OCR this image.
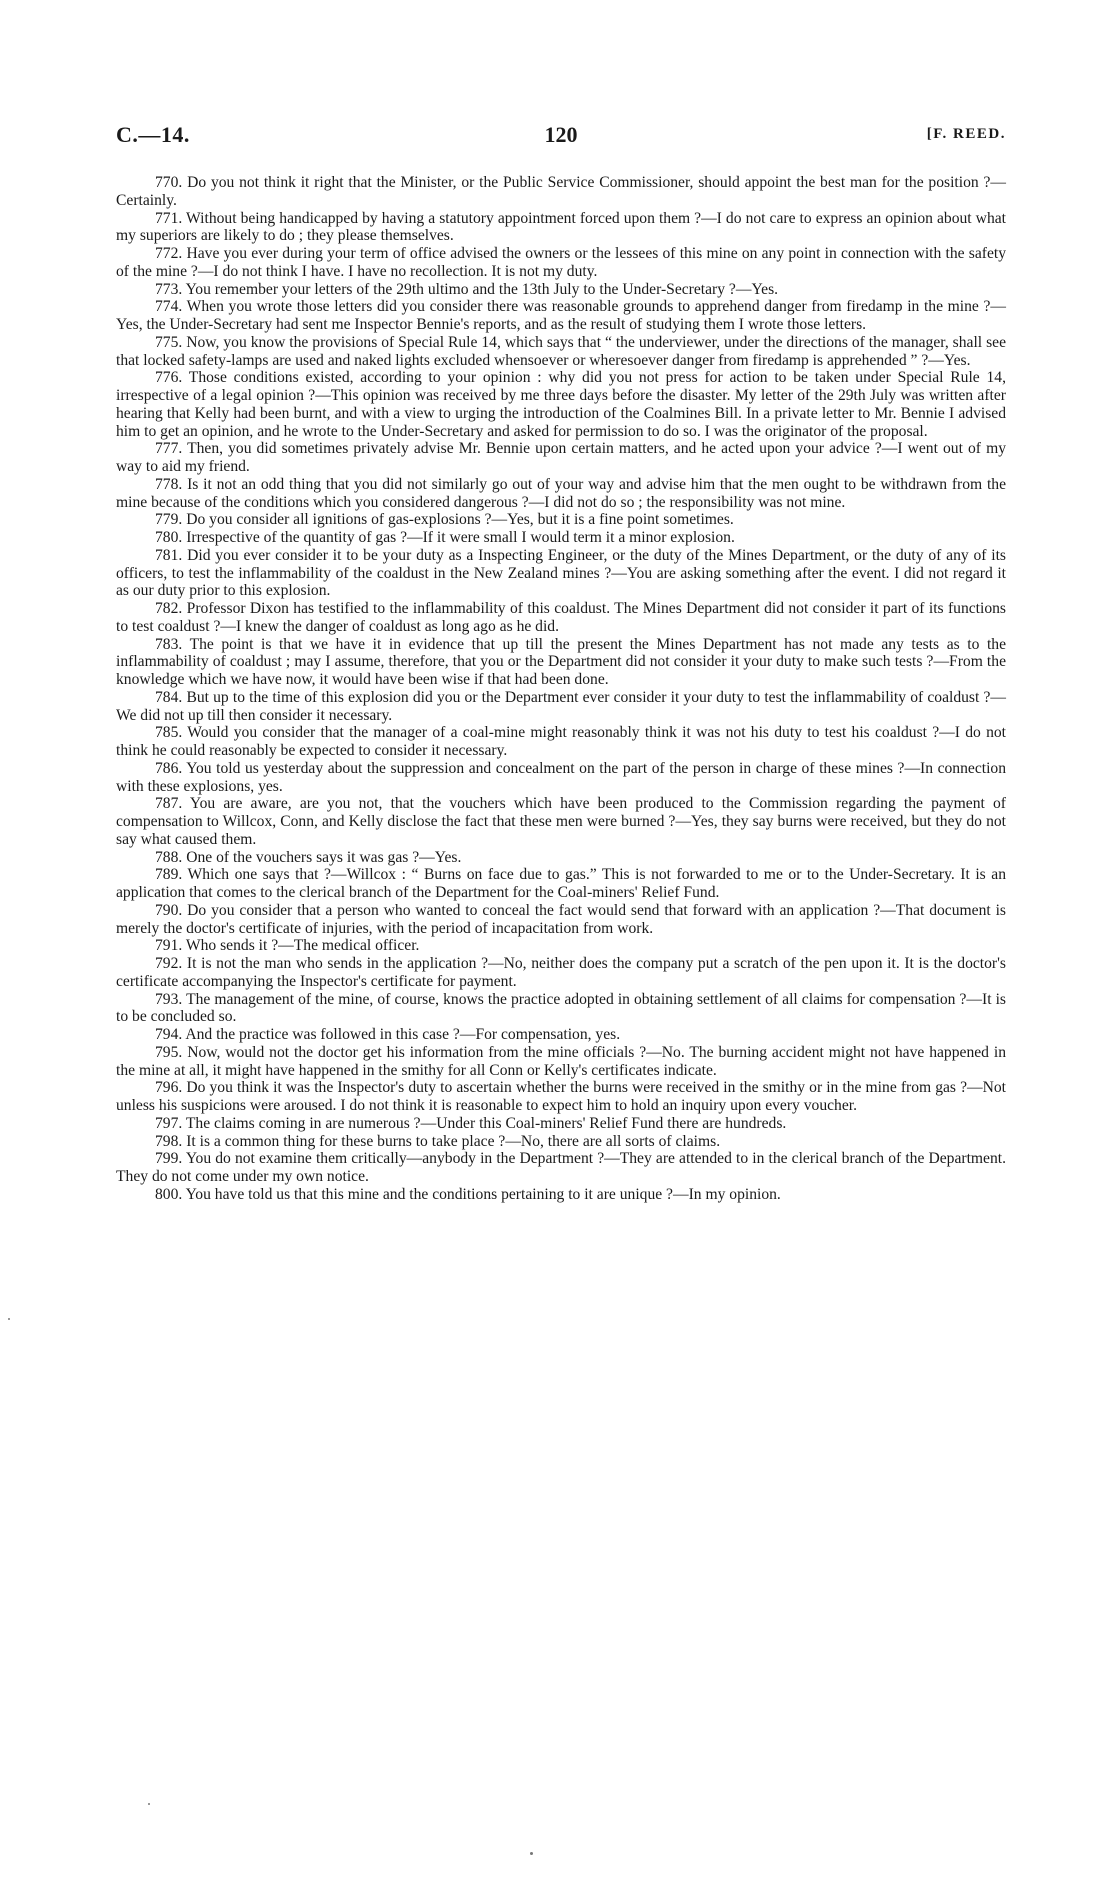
C.—14.	120	[F. REED.

770. Do you not think it right that the Minister, or the Public Service Commissioner, should appoint the best man for the position ?—Certainly.

771. Without being handicapped by having a statutory appointment forced upon them ?—I do not care to express an opinion about what my superiors are likely to do ; they please themselves.

772. Have you ever during your term of office advised the owners or the lessees of this mine on any point in connection with the safety of the mine ?—I do not think I have. I have no recollection. It is not my duty.

773. You remember your letters of the 29th ultimo and the 13th July to the Under-Secretary ?—Yes.

774. When you wrote those letters did you consider there was reasonable grounds to apprehend danger from firedamp in the mine ?—Yes, the Under-Secretary had sent me Inspector Bennie's reports, and as the result of studying them I wrote those letters.

775. Now, you know the provisions of Special Rule 14, which says that “ the underviewer, under the directions of the manager, shall see that locked safety-lamps are used and naked lights excluded whensoever or wheresoever danger from firedamp is apprehended ” ?—Yes.

776. Those conditions existed, according to your opinion : why did you not press for action to be taken under Special Rule 14, irrespective of a legal opinion ?—This opinion was received by me three days before the disaster. My letter of the 29th July was written after hearing that Kelly had been burnt, and with a view to urging the introduction of the Coalmines Bill. In a private letter to Mr. Bennie I advised him to get an opinion, and he wrote to the Under-Secretary and asked for permission to do so. I was the originator of the proposal.

777. Then, you did sometimes privately advise Mr. Bennie upon certain matters, and he acted upon your advice ?—I went out of my way to aid my friend.

778. Is it not an odd thing that you did not similarly go out of your way and advise him that the men ought to be withdrawn from the mine because of the conditions which you considered dangerous ?—I did not do so ; the responsibility was not mine.

779. Do you consider all ignitions of gas-explosions ?—Yes, but it is a fine point sometimes.

780. Irrespective of the quantity of gas ?—If it were small I would term it a minor explosion.

781. Did you ever consider it to be your duty as a Inspecting Engineer, or the duty of the Mines Department, or the duty of any of its officers, to test the inflammability of the coaldust in the New Zealand mines ?—You are asking something after the event. I did not regard it as our duty prior to this explosion.

782. Professor Dixon has testified to the inflammability of this coaldust. The Mines Department did not consider it part of its functions to test coaldust ?—I knew the danger of coaldust as long ago as he did.

783. The point is that we have it in evidence that up till the present the Mines Department has not made any tests as to the inflammability of coaldust ; may I assume, therefore, that you or the Department did not consider it your duty to make such tests ?—From the knowledge which we have now, it would have been wise if that had been done.

784. But up to the time of this explosion did you or the Department ever consider it your duty to test the inflammability of coaldust ?—We did not up till then consider it necessary.

785. Would you consider that the manager of a coal-mine might reasonably think it was not his duty to test his coaldust ?—I do not think he could reasonably be expected to consider it necessary.

786. You told us yesterday about the suppression and concealment on the part of the person in charge of these mines ?—In connection with these explosions, yes.

787. You are aware, are you not, that the vouchers which have been produced to the Commission regarding the payment of compensation to Willcox, Conn, and Kelly disclose the fact that these men were burned ?—Yes, they say burns were received, but they do not say what caused them.

788. One of the vouchers says it was gas ?—Yes.

789. Which one says that ?—Willcox : “ Burns on face due to gas.” This is not forwarded to me or to the Under-Secretary. It is an application that comes to the clerical branch of the Department for the Coal-miners' Relief Fund.

790. Do you consider that a person who wanted to conceal the fact would send that forward with an application ?—That document is merely the doctor's certificate of injuries, with the period of incapacitation from work.

791. Who sends it ?—The medical officer.

792. It is not the man who sends in the application ?—No, neither does the company put a scratch of the pen upon it. It is the doctor's certificate accompanying the Inspector's certificate for payment.

793. The management of the mine, of course, knows the practice adopted in obtaining settlement of all claims for compensation ?—It is to be concluded so.

794. And the practice was followed in this case ?—For compensation, yes.

795. Now, would not the doctor get his information from the mine officials ?—No. The burning accident might not have happened in the mine at all, it might have happened in the smithy for all Conn or Kelly's certificates indicate.

796. Do you think it was the Inspector's duty to ascertain whether the burns were received in the smithy or in the mine from gas ?—Not unless his suspicions were aroused. I do not think it is reasonable to expect him to hold an inquiry upon every voucher.

797. The claims coming in are numerous ?—Under this Coal-miners' Relief Fund there are hundreds.

798. It is a common thing for these burns to take place ?—No, there are all sorts of claims.

799. You do not examine them critically—anybody in the Department ?—They are attended to in the clerical branch of the Department. They do not come under my own notice.

800. You have told us that this mine and the conditions pertaining to it are unique ?—In my opinion.
